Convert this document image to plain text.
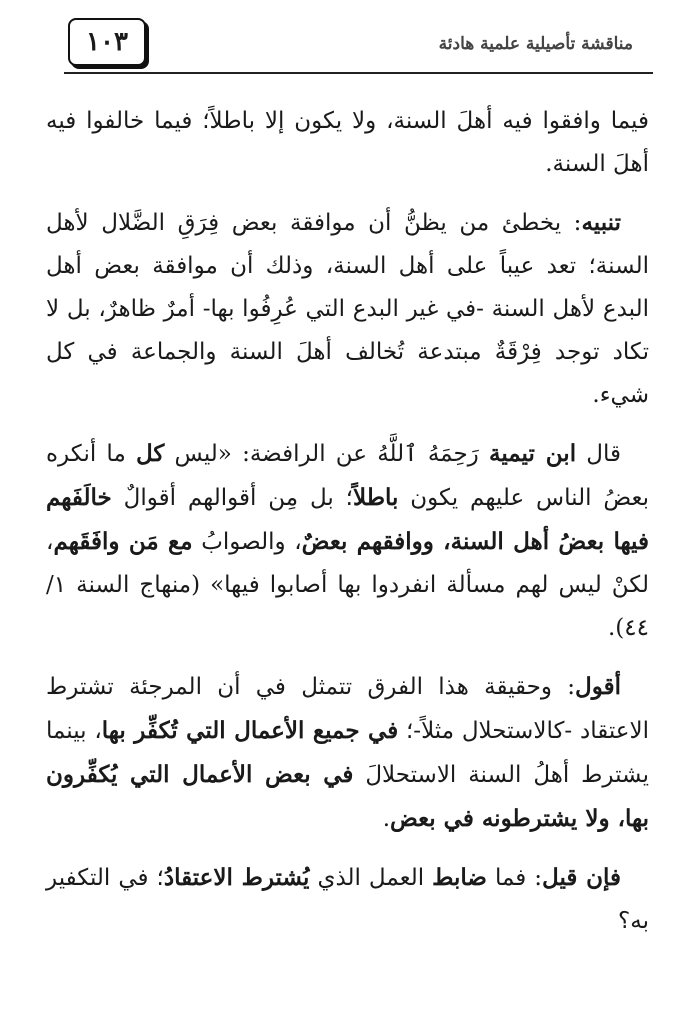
١٠٣	مناقشة تأصيلية علمية هادئة

فيما وافقوا فيه أهلَ السنة، ولا يكون إلا باطلاً؛ فيما خالفوا فيه أهلَ السنة.

تنبيه: يخطئ من يظنُّ أن موافقة بعض فِرَقِ الضَّلال لأهل السنة؛ تعد عيباً على أهل السنة، وذلك أن موافقة بعض أهل البدع لأهل السنة -في غير البدع التي عُرِفُوا بها- أمرٌ ظاهرٌ، بل لا تكاد توجد فِرْقَةٌ مبتدعة تُخالف أهلَ السنة والجماعة في كل شيء.

قال ابن تيمية رَحِمَهُ ٱللَّهُ عن الرافضة: «ليس كل ما أنكره بعضُ الناس عليهم يكون باطلاً؛ بل مِن أقوالهم أقوالٌ خالَفَهم فيها بعضُ أهل السنة، ووافقهم بعضٌ، والصوابُ مع مَن وافَقَهم، لكنْ ليس لهم مسألة انفردوا بها أصابوا فيها» (منهاج السنة ١/ ٤٤).

أقول: وحقيقة هذا الفرق تتمثل في أن المرجئة تشترط الاعتقاد -كالاستحلال مثلاً-؛ في جميع الأعمال التي تُكفِّر بها، بينما يشترط أهلُ السنة الاستحلالَ في بعض الأعمال التي يُكفِّرون بها، ولا يشترطونه في بعض.

فإن قيل: فما ضابط العمل الذي يُشترط الاعتقادُ؛ في التكفير به؟
